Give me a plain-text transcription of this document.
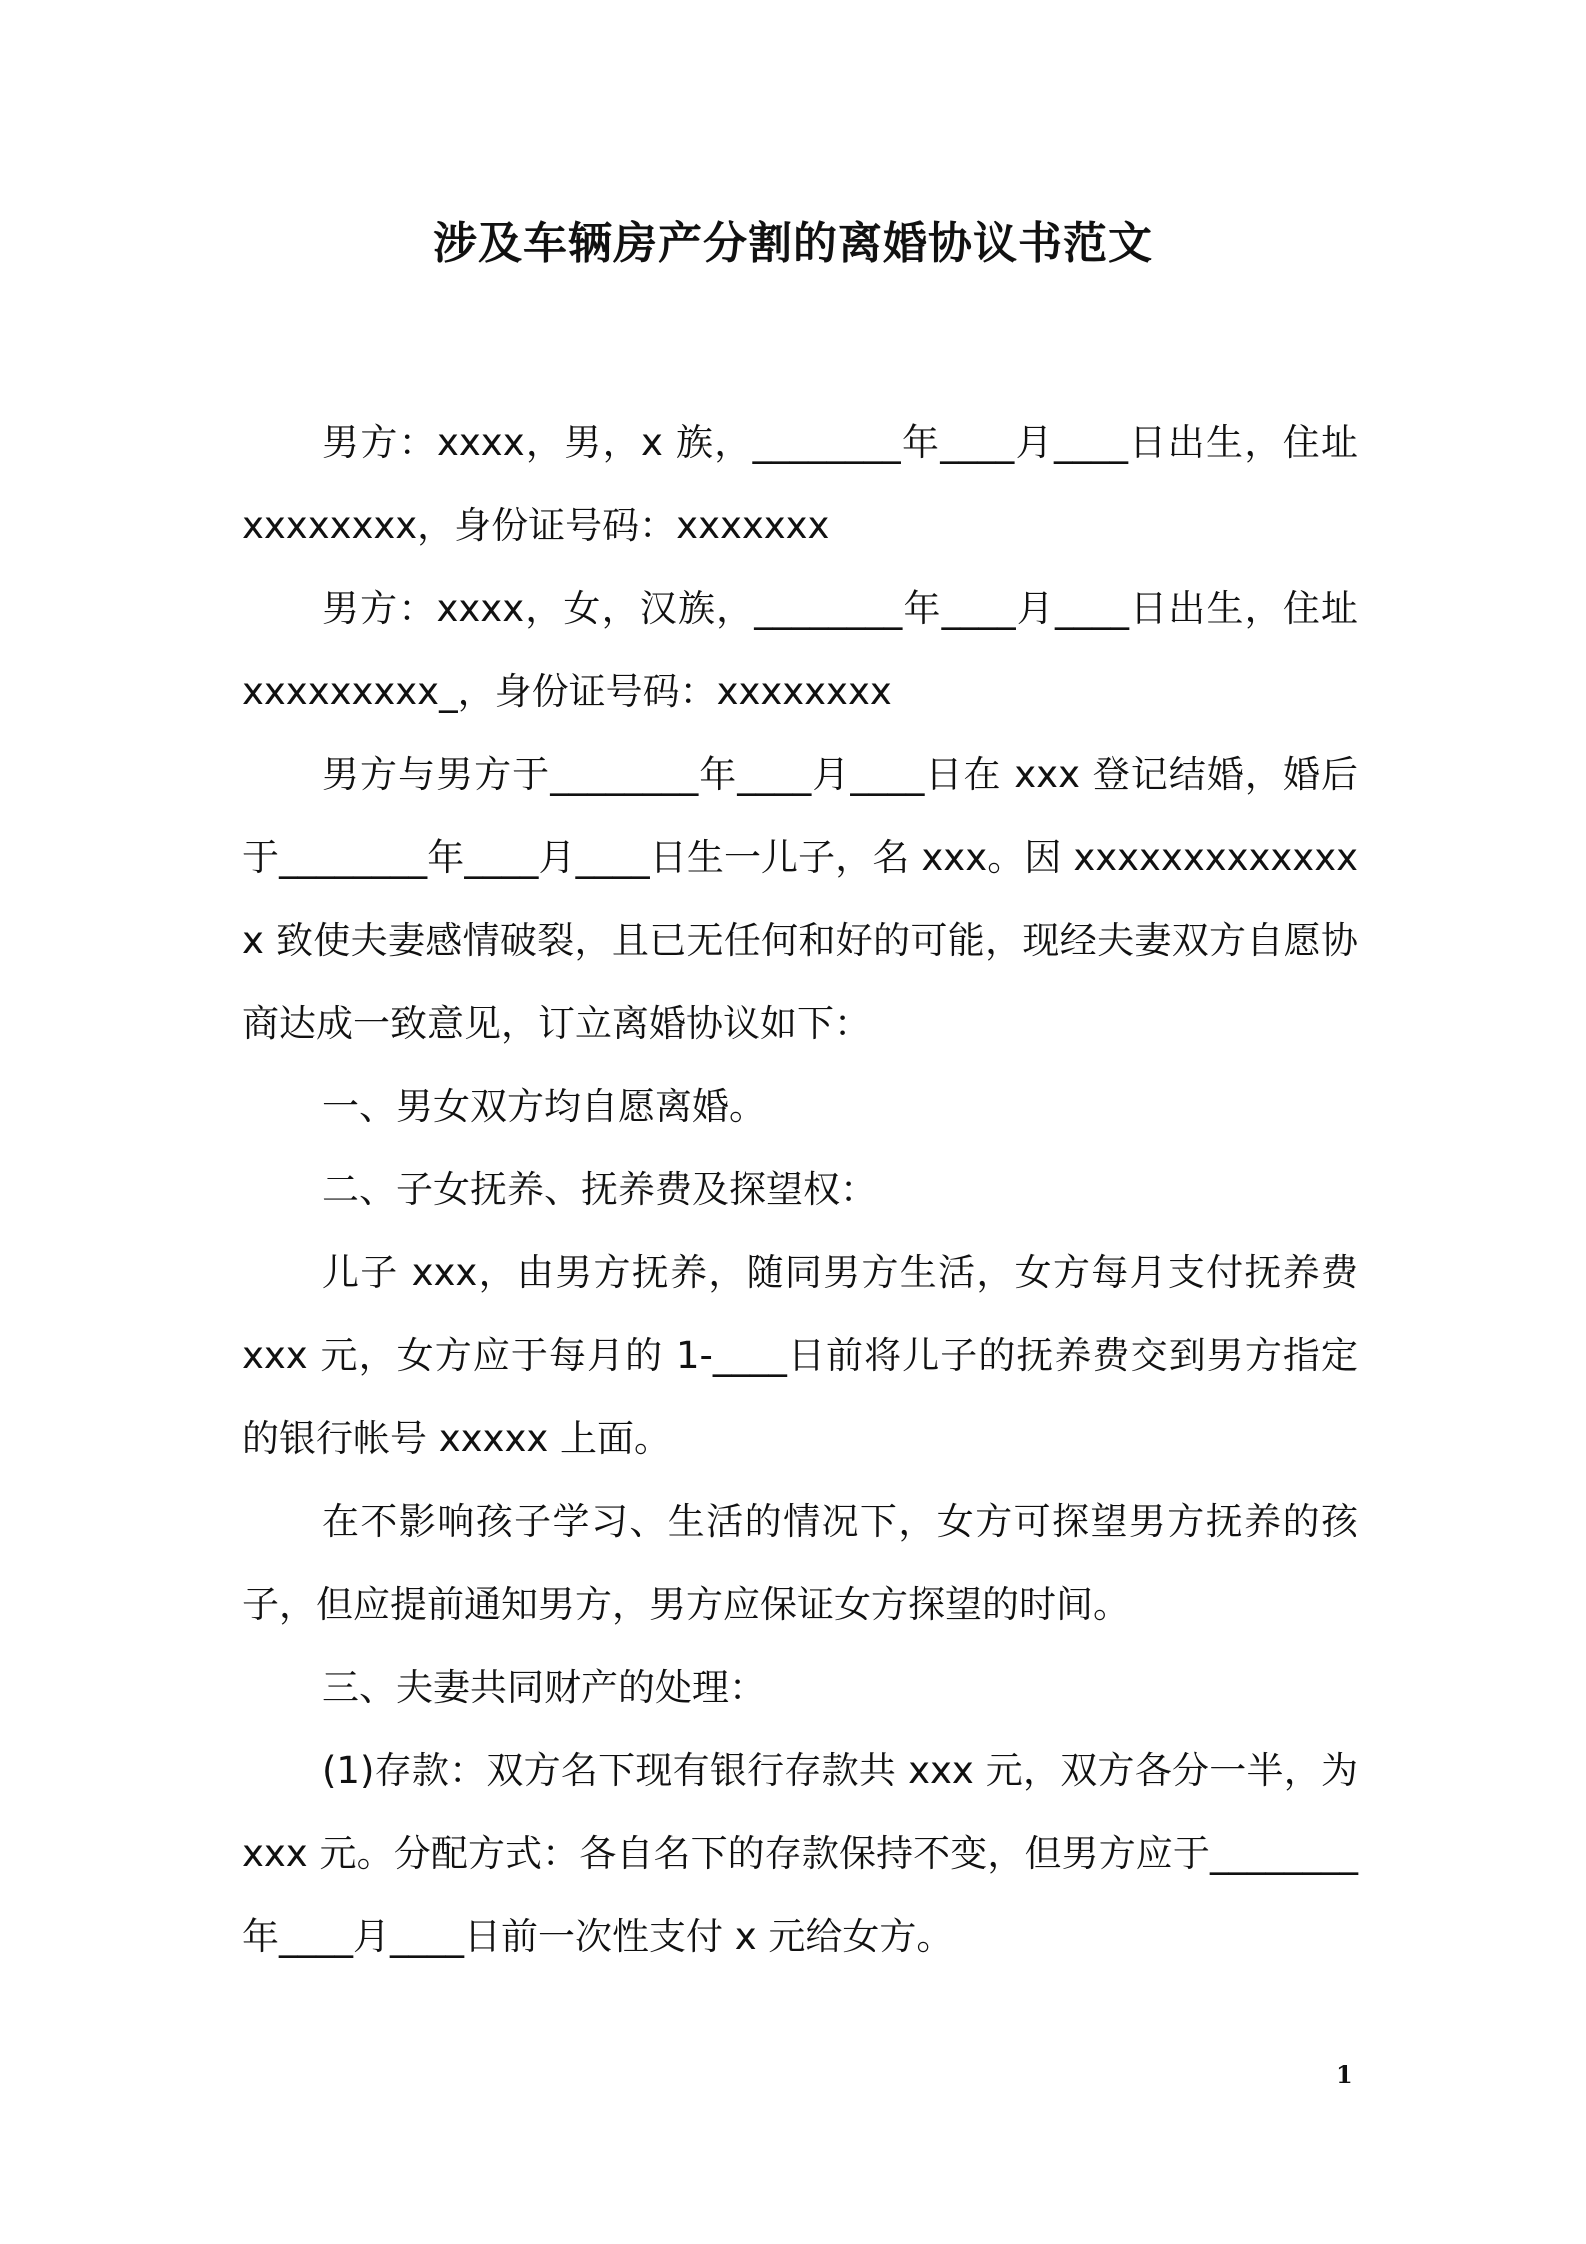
涉及车辆房产分割的离婚协议书范文

男方：xxxx，男，x 族，________年____月____日出生，住址 xxxxxxxx，身份证号码：xxxxxxx

男方：xxxx，女，汉族，________年____月____日出生，住址 xxxxxxxxx_，身份证号码：xxxxxxxx

男方与男方于________年____月____日在 xxx 登记结婚，婚后于________年____月____日生一儿子，名 xxx。因 xxxxxxxxxxxxxx 致使夫妻感情破裂，且已无任何和好的可能，现经夫妻双方自愿协商达成一致意见，订立离婚协议如下：

一、男女双方均自愿离婚。

二、子女抚养、抚养费及探望权：

儿子 xxx，由男方抚养，随同男方生活，女方每月支付抚养费 xxx 元，女方应于每月的 1-____日前将儿子的抚养费交到男方指定的银行帐号 xxxxx 上面。

在不影响孩子学习、生活的情况下，女方可探望男方抚养的孩子，但应提前通知男方，男方应保证女方探望的时间。

三、夫妻共同财产的处理：

(1)存款：双方名下现有银行存款共 xxx 元，双方各分一半，为 xxx 元。分配方式：各自名下的存款保持不变，但男方应于________年____月____日前一次性支付 x 元给女方。

1
